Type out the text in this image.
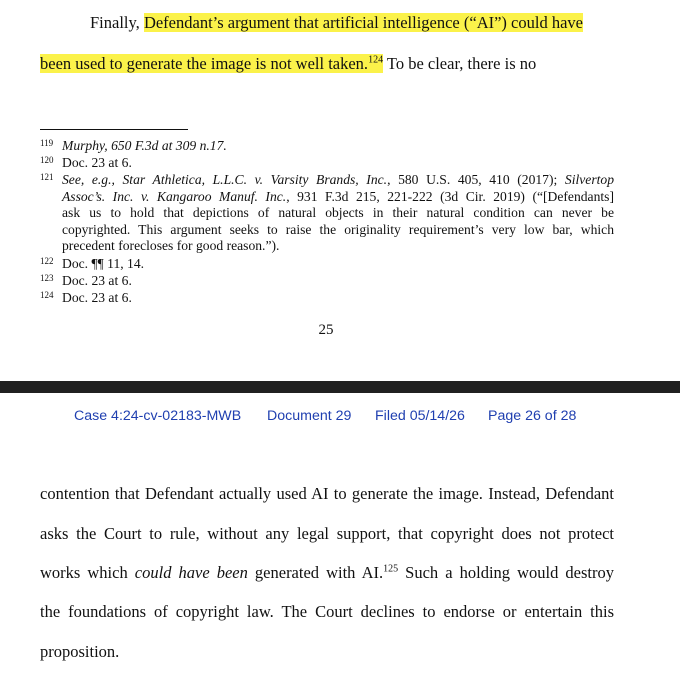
Finally, Defendant’s argument that artificial intelligence (“AI”) could have
been used to generate the image is not well taken.$^{124}$ To be clear, there is no
119 Murphy, 650 F.3d at 309 n.17.
120 Doc. 23 at 6.
121 See, e.g., Star Athletica, L.L.C. v. Varsity Brands, Inc., 580 U.S. 405, 410 (2017); Silvertop
Assoc’s. Inc. v. Kangaroo Manuf. Inc., 931 F.3d 215, 221-222 (3d Cir. 2019) (“[Defendants]
ask us to hold that depictions of natural objects in their natural condition can never be
copyrighted. This argument seeks to raise the originality requirement’s very low bar, which
precedent forecloses for good reason.”).
122 Doc. ¶¶ 11, 14.
123 Doc. 23 at 6.
124 Doc. 23 at 6.
25
Case 4:24-cv-02183-MWB Document 29 Filed 05/14/26 Page 26 of 28
contention that Defendant actually used AI to generate the image. Instead, Defendant
asks the Court to rule, without any legal support, that copyright does not protect
works which could have been generated with AI.$^{125}$ Such a holding would destroy
the foundations of copyright law. The Court declines to endorse or entertain this
proposition.
